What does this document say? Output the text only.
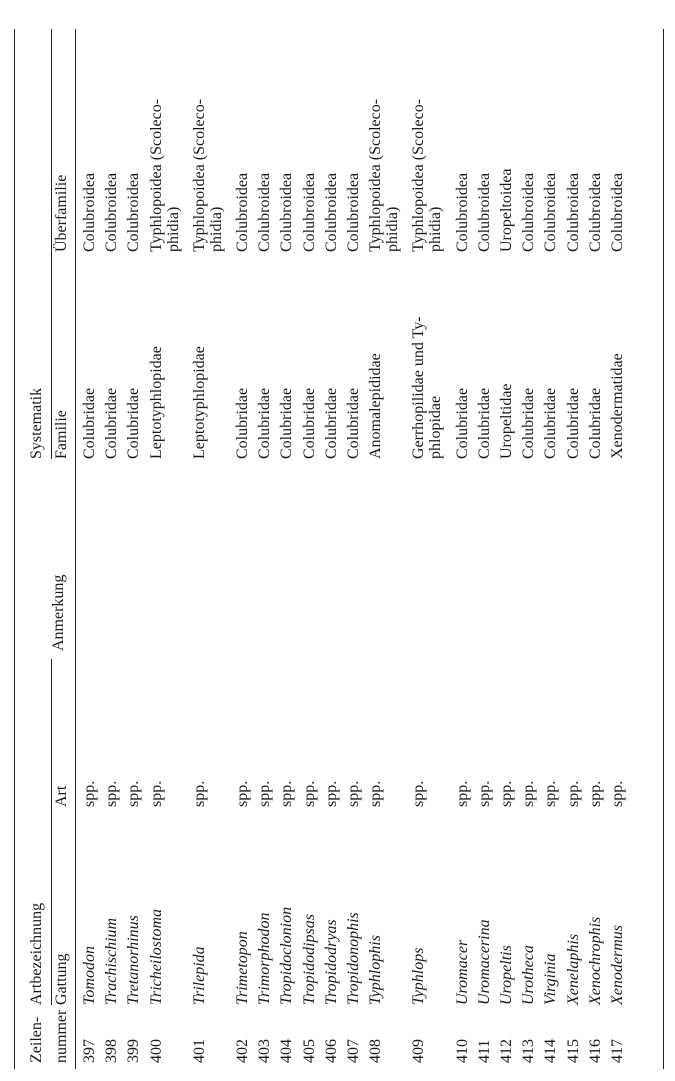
Zeilen- nummer
Artbezeichnung Gattung
Art
Anmerkung
Systematik Familie
Überfamilie
397
Tomodon
spp.
Colubridae
Colubroidea
398
Trachischium
spp.
Colubridae
Colubroidea
399
Tretanorhinus
spp.
Colubridae
Colubroidea
400
Tricheilostoma
spp.
Leptotyphlopidae
Typhlopoidea (Scoleco- phidia)
401
Trilepida
spp.
Leptotyphlopidae
Typhlopoidea (Scoleco- phidia)
402
Trimetopon
spp.
Colubridae
Colubroidea
403
Trimorphodon
spp.
Colubridae
Colubroidea
404
Tropidoclonion
spp.
Colubridae
Colubroidea
405
Tropidodipsas
spp.
Colubridae
Colubroidea
406
Tropidodryas
spp.
Colubridae
Colubroidea
407
Tropidonophis
spp.
Colubridae
Colubroidea
408
Typhlophis
spp.
Anomalepididae
Typhlopoidea (Scoleco- phidia)
409
Typhlops
spp.
Gerrhopilidae und Ty- phlopidae
Typhlopoidea (Scoleco- phidia)
410
Uromacer
spp.
Colubridae
Colubroidea
411
Uromacerina
spp.
Colubridae
Colubroidea
412
Uropeltis
spp.
Uropeltidae
Uropeltoidea
413
Urotheca
spp.
Colubridae
Colubroidea
414
Virginia
spp.
Colubridae
Colubroidea
415
Xenelaphis
spp.
Colubridae
Colubroidea
416
Xenochrophis
spp.
Colubridae
Colubroidea
417
Xenodermus
spp.
Xenodermatidae
Colubroidea
